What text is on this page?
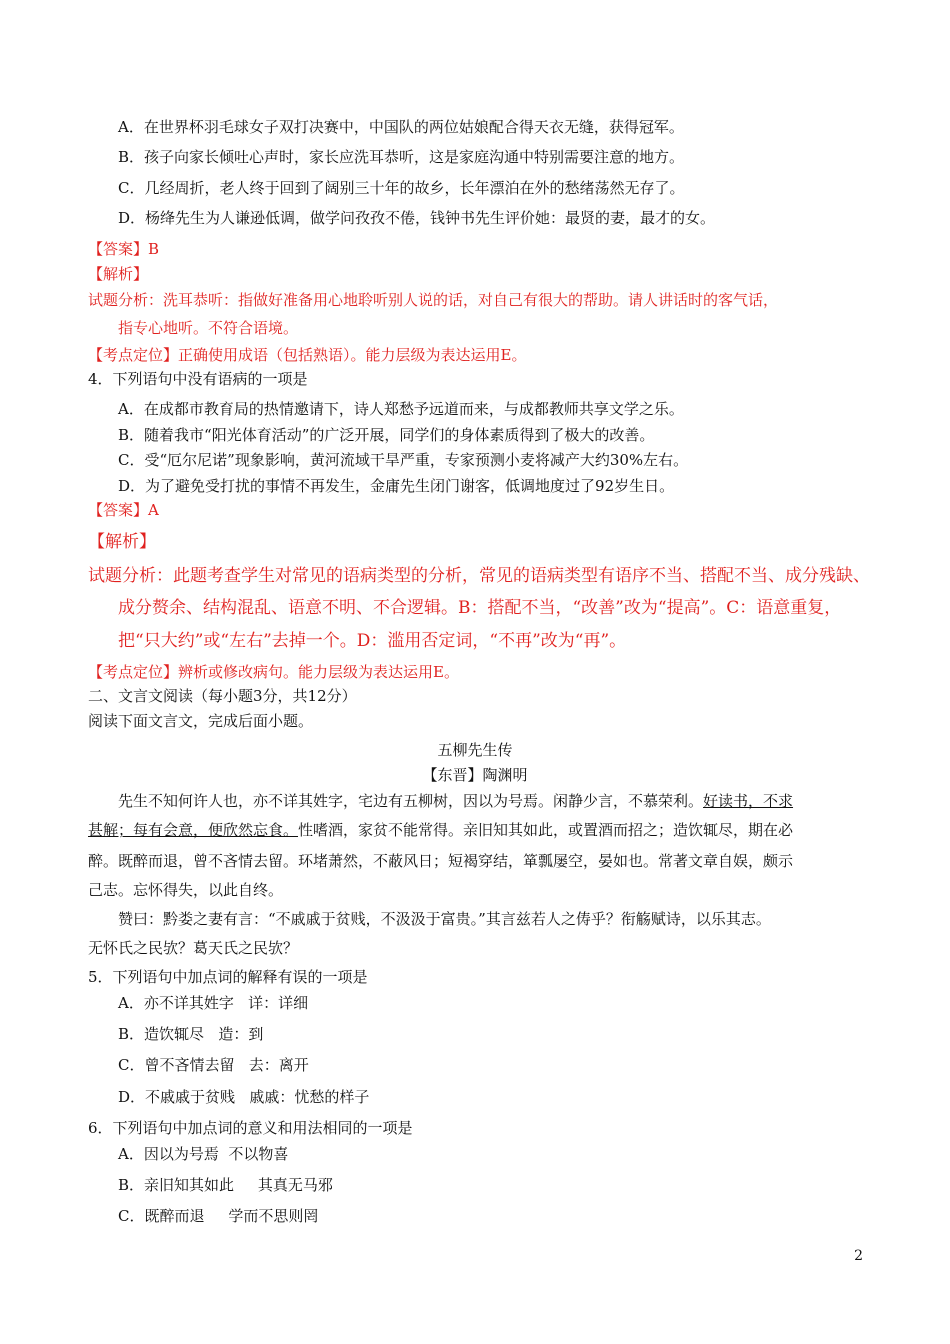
A．在世界杯羽毛球女子双打决赛中，中国队的两位姑娘配合得天衣无缝，获得冠军。
B．孩子向家长倾吐心声时，家长应洗耳恭听，这是家庭沟通中特别需要注意的地方。
C．几经周折，老人终于回到了阔别三十年的故乡，长年漂泊在外的愁绪荡然无存了。
D．杨绛先生为人谦逊低调，做学问孜孜不倦，钱钟书先生评价她：最贤的妻，最才的女。
【答案】B
【解析】
试题分析：洗耳恭听：指做好准备用心地聆听别人说的话，对自己有很大的帮助。请人讲话时的客气话，
指专心地听。不符合语境。
【考点定位】正确使用成语（包括熟语）。能力层级为表达运用E。
4．下列语句中没有语病的一项是
A．在成都市教育局的热情邀请下，诗人郑愁予远道而来，与成都教师共享文学之乐。
B．随着我市“阳光体育活动”的广泛开展，同学们的身体素质得到了极大的改善。
C．受“厄尔尼诺”现象影响，黄河流域干旱严重，专家预测小麦将减产大约30%左右。
D．为了避免受打扰的事情不再发生，金庸先生闭门谢客，低调地度过了92岁生日。
【答案】A
【解析】
试题分析：此题考查学生对常见的语病类型的分析，常见的语病类型有语序不当、搭配不当、成分残缺、
成分赘余、结构混乱、语意不明、不合逻辑。B：搭配不当，“改善”改为“提高”。C：语意重复，
把“只大约”或“左右”去掉一个。D：滥用否定词，“不再”改为“再”。
【考点定位】辨析或修改病句。能力层级为表达运用E。
二、文言文阅读（每小题3分，共12分）
阅读下面文言文，完成后面小题。
五柳先生传
【东晋】陶渊明
先生不知何许人也，亦不详其姓字，宅边有五柳树，因以为号焉。闲静少言，不慕荣利。好读书，不求
甚解；每有会意，便欣然忘食。性嗜酒，家贫不能常得。亲旧知其如此，或置酒而招之；造饮辄尽，期在必
醉。既醉而退，曾不吝情去留。环堵萧然，不蔽风日；短褐穿结，箪瓢屡空，晏如也。常著文章自娱，颇示
己志。忘怀得失，以此自终。
赞曰：黔娄之妻有言：“不戚戚于贫贱，不汲汲于富贵。”其言兹若人之俦乎？衔觞赋诗，以乐其志。
无怀氏之民欤？葛天氏之民欤？
5．下列语句中加点词的解释有误的一项是
A．亦不详其姓字   详：详细
B．造饮辄尽   造：到
C．曾不吝情去留   去：离开
D．不戚戚于贫贱   戚戚：忧愁的样子
6．下列语句中加点词的意义和用法相同的一项是
A．因以为号焉  不以物喜
B．亲旧知其如此     其真无马邪
C．既醉而退     学而不思则罔
2
